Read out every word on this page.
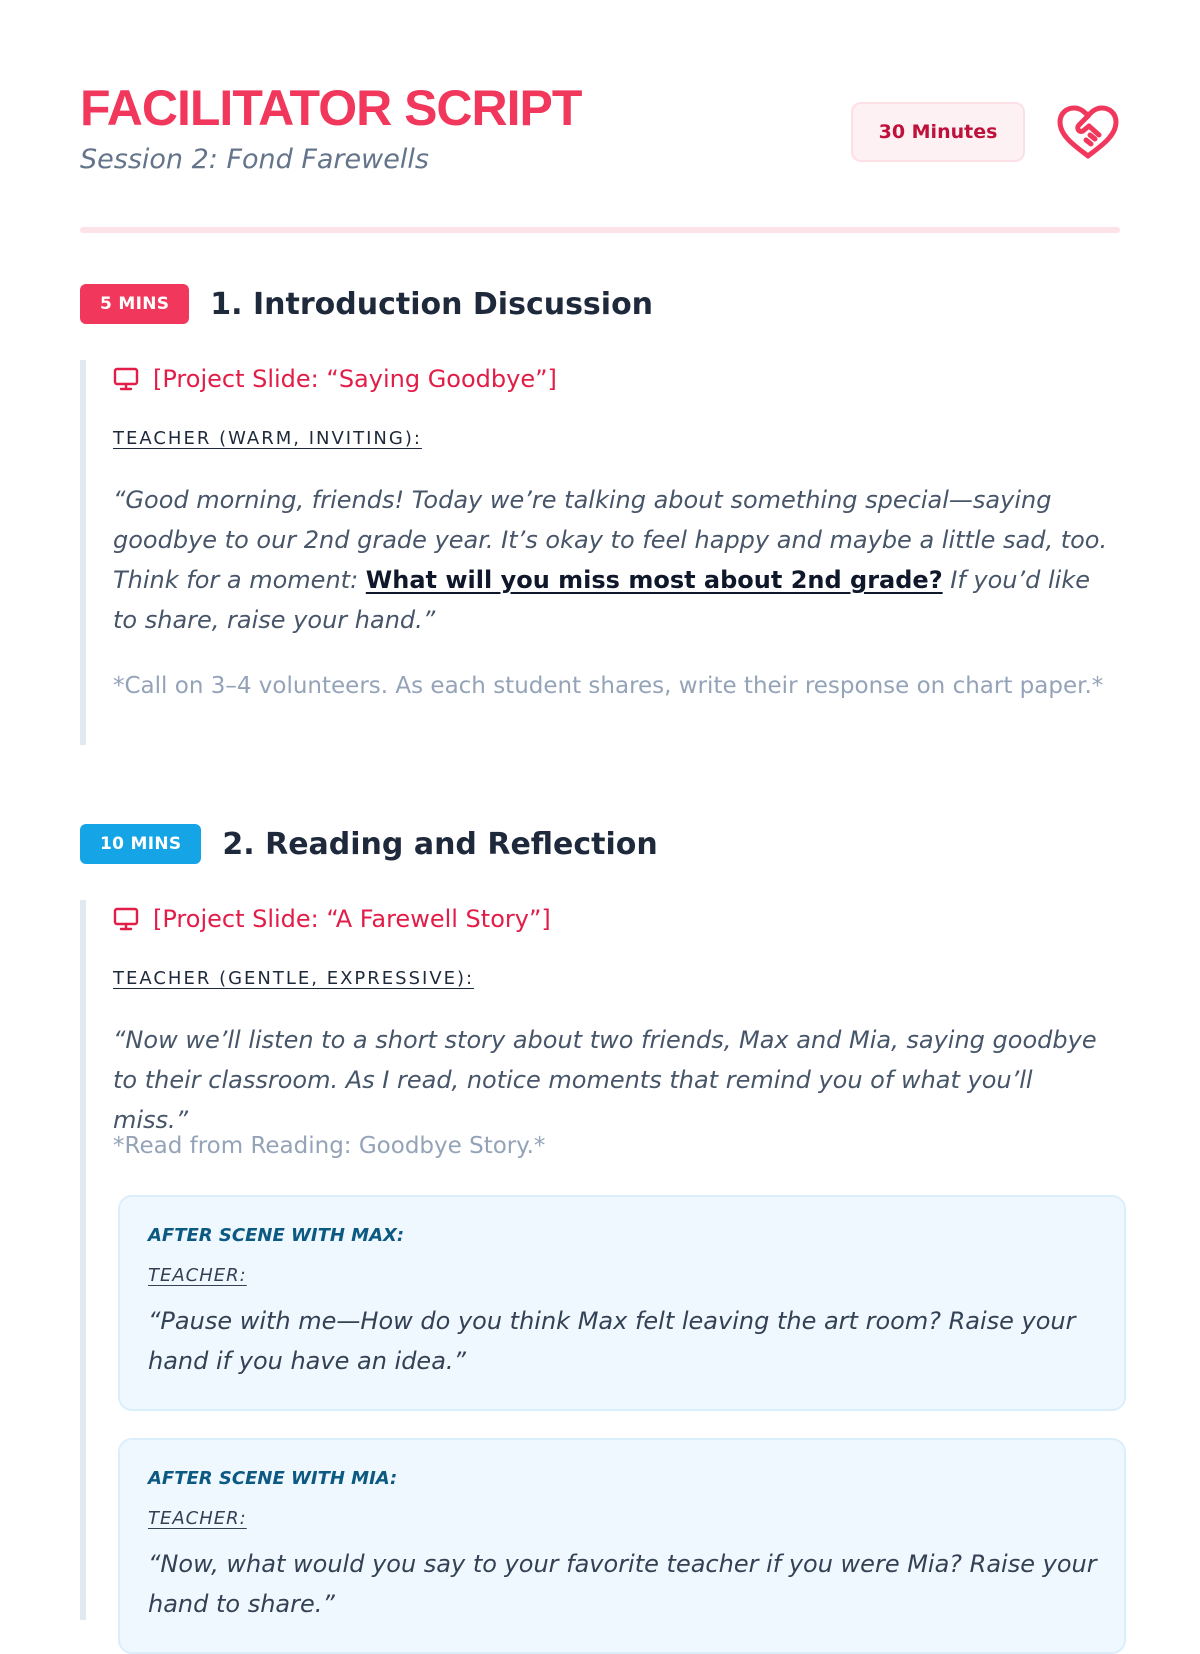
FACILITATOR SCRIPT
Session 2: Fond Farewells
30 Minutes
5 MINS	1. Introduction Discussion
[Project Slide: “Saying Goodbye”]
TEACHER (WARM, INVITING):

“Good morning, friends! Today we’re talking about something special—saying goodbye to our 2nd grade year. It’s okay to feel happy and maybe a little sad, too. Think for a moment: What will you miss most about 2nd grade? If you’d like to share, raise your hand.”

*Call on 3–4 volunteers. As each student shares, write their response on chart paper.*

10 MINS	2. Reading and Reflection
[Project Slide: “A Farewell Story”]
TEACHER (GENTLE, EXPRESSIVE):

“Now we’ll listen to a short story about two friends, Max and Mia, saying goodbye to their classroom. As I read, notice moments that remind you of what you’ll miss.”

*Read from Reading: Goodbye Story.*

AFTER SCENE WITH MAX:
TEACHER:

“Pause with me—How do you think Max felt leaving the art room? Raise your hand if you have an idea.”

AFTER SCENE WITH MIA:
TEACHER:

“Now, what would you say to your favorite teacher if you were Mia? Raise your hand to share.”
